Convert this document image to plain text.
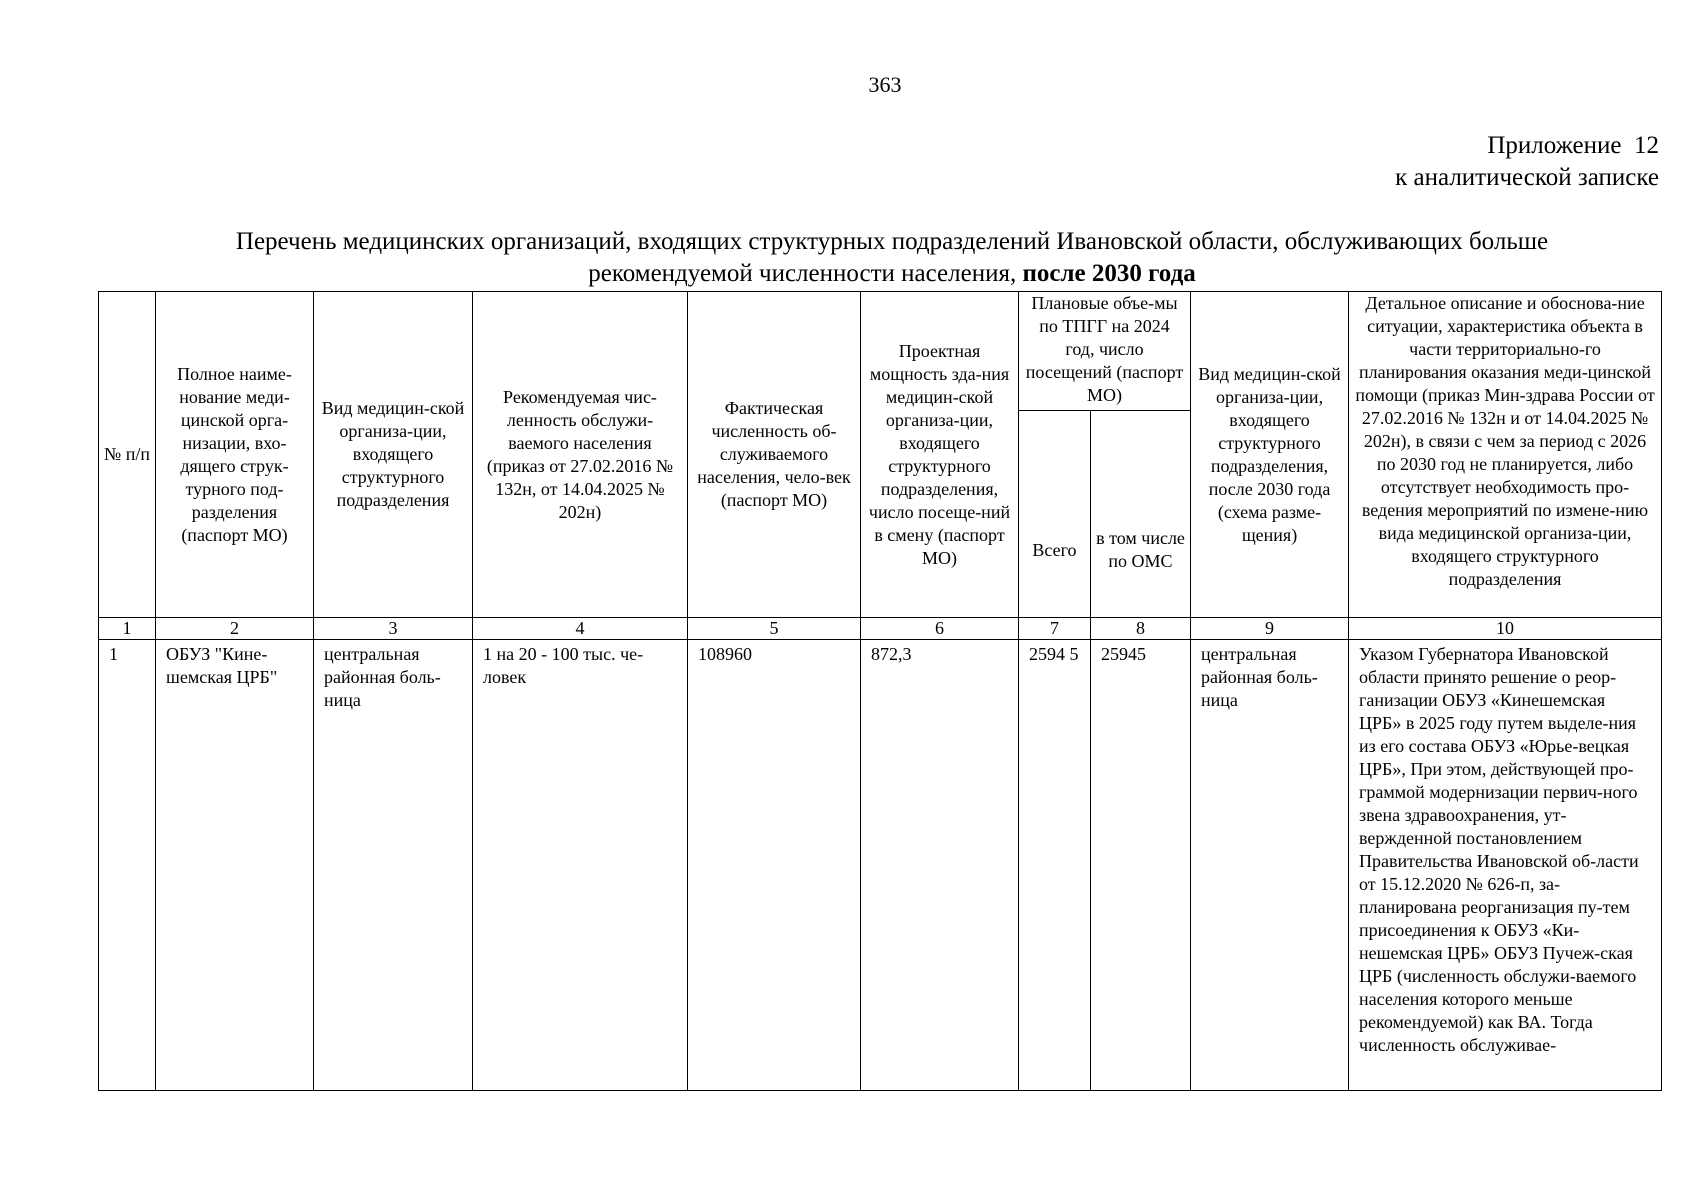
363
Приложение  12
к аналитической записке
Перечень медицинских организаций, входящих структурных подразделений Ивановской области, обслуживающих больше
рекомендуемой численности населения, после 2030 года
№ п/п	Полное наиме-нование меди-цинской орга-низации, вхо-дящего струк-турного под-разделения (паспорт МО)	Вид медицин-ской организа-ции, входящего структурного подразделения	Рекомендуемая чис-ленность обслужи-ваемого населения (приказ от 27.02.2016 № 132н, от 14.04.2025 № 202н)	Фактическая численность об-служиваемого населения, чело-век (паспорт МО)	Проектная мощность зда-ния медицин-ской организа-ции, входящего структурного подразделения, число посеще-ний в смену (паспорт МО)	Плановые объе-мы по ТПГГ на 2024 год, число посещений (паспорт МО)		Вид медицин-ской организа-ции, входящего структурного подразделения, после 2030 года (схема разме-щения)	Детальное описание и обоснова-ние ситуации, характеристика объекта в части территориально-го планирования оказания меди-цинской помощи (приказ Мин-здрава России от 27.02.2016 № 132н и от 14.04.2025 № 202н), в связи с чем за период с 2026 по 2030 год не планируется, либо отсутствует необходимость про-ведения мероприятий по измене-нию вида медицинской организа-ции, входящего структурного подразделения
						Всего	в том числе по ОМС		
1	2	3	4	5	6	7	8	9	10

1	ОБУЗ "Кине-шемская ЦРБ"	центральная районная боль-ница	1 на 20 - 100 тыс. че-ловек	108960	872,3	2594 5	25945	центральная районная боль-ница	Указом Губернатора Ивановской области принято решение о реор-ганизации ОБУЗ «Кинешемская ЦРБ» в 2025 году путем выделе-ния из его состава ОБУЗ «Юрье-вецкая ЦРБ», При этом, действующей про-граммой модернизации первич-ного звена здравоохранения, ут-вержденной постановлением Правительства Ивановской об-ласти от 15.12.2020 № 626-п, за-планирована реорганизация пу-тем присоединения к ОБУЗ «Ки-нешемская ЦРБ» ОБУЗ Пучеж-ская ЦРБ (численность обслужи-ваемого населения которого меньше рекомендуемой) как ВА. Тогда численность обслуживае-
